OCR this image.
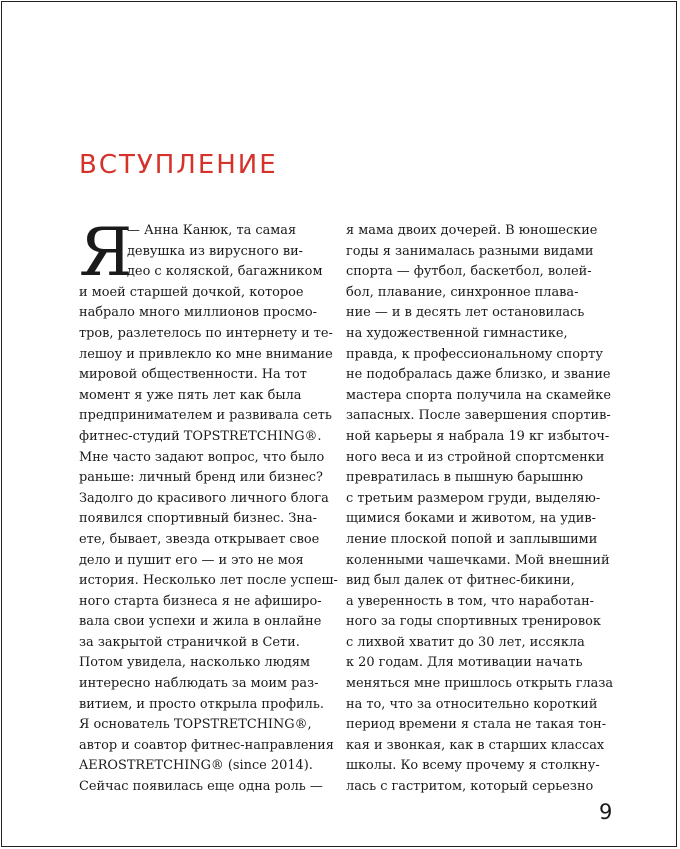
ВСТУПЛЕНИЕ
Я
— Анна Канюк, та самая
девушка из вирусного ви-
део с коляской, багажником
и моей старшей дочкой, которое
набрало много миллионов просмо-
тров, разлетелось по интернету и те-
лешоу и привлекло ко мне внимание
мировой общественности. На тот
момент я уже пять лет как была
предпринимателем и развивала сеть
фитнес-студий TOPSTRETCHING®.
Мне часто задают вопрос, что было
раньше: личный бренд или бизнес?
Задолго до красивого личного блога
появился спортивный бизнес. Зна-
ете, бывает, звезда открывает свое
дело и пушит его — и это не моя
история. Несколько лет после успеш-
ного старта бизнеса я не афиширо-
вала свои успехи и жила в онлайне
за закрытой страничкой в Сети.
Потом увидела, насколько людям
интересно наблюдать за моим раз-
витием, и просто открыла профиль.
Я основатель TOPSTRETCHING®,
автор и соавтор фитнес-направления
AEROSTRETCHING® (since 2014).
Сейчас появилась еще одна роль —
я мама двоих дочерей. В юношеские
годы я занималась разными видами
спорта — футбол, баскетбол, волей-
бол, плавание, синхронное плава-
ние — и в десять лет остановилась
на художественной гимнастике,
правда, к профессиональному спорту
не подобралась даже близко, и звание
мастера спорта получила на скамейке
запасных. После завершения спортив-
ной карьеры я набрала 19 кг избыточ-
ного веса и из стройной спортсменки
превратилась в пышную барышню
с третьим размером груди, выделяю-
щимися боками и животом, на удив-
ление плоской попой и заплывшими
коленными чашечками. Мой внешний
вид был далек от фитнес-бикини,
а уверенность в том, что наработан-
ного за годы спортивных тренировок
с лихвой хватит до 30 лет, иссякла
к 20 годам. Для мотивации начать
меняться мне пришлось открыть глаза
на то, что за относительно короткий
период времени я стала не такая тон-
кая и звонкая, как в старших классах
школы. Ко всему прочему я столкну-
лась с гастритом, который серьезно
9
